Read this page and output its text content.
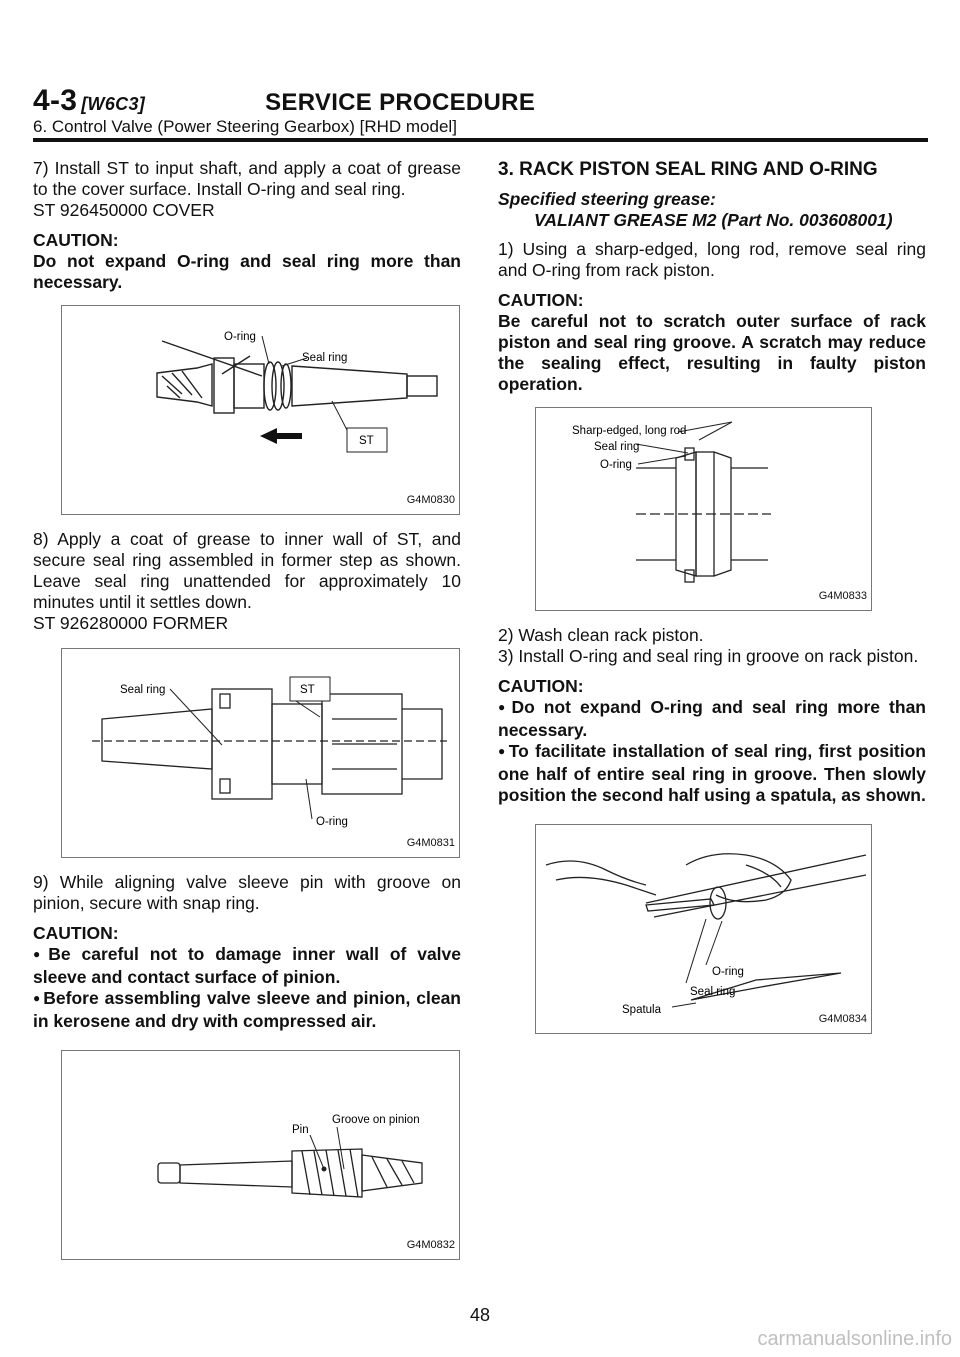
4-3 [W6C3]	SERVICE PROCEDURE
6. Control Valve (Power Steering Gearbox) [RHD model]

7) Install ST to input shaft, and apply a coat of grease to the cover surface. Install O-ring and seal ring.

ST 926450000 COVER

CAUTION:

Do not expand O-ring and seal ring more than necessary.

O-ring
Seal ring
ST
G4M0830

8) Apply a coat of grease to inner wall of ST, and secure seal ring assembled in former step as shown. Leave seal ring unattended for approximately 10 minutes until it settles down.

ST 926280000 FORMER

Seal ring	ST
O-ring
G4M0831

9) While aligning valve sleeve pin with groove on pinion, secure with snap ring.

CAUTION:

● Be careful not to damage inner wall of valve sleeve and contact surface of pinion.

● Before assembling valve sleeve and pinion, clean in kerosene and dry with compressed air.

Pin
Groove on pinion
G4M0832

3. RACK PISTON SEAL RING AND O-RING

Specified steering grease:
VALIANT GREASE M2 (Part No. 003608001)

1) Using a sharp-edged, long rod, remove seal ring and O-ring from rack piston.

CAUTION:

Be careful not to scratch outer surface of rack piston and seal ring groove. A scratch may reduce the sealing effect, resulting in faulty piston operation.

Sharp-edged, long rod
Seal ring
O-ring
G4M0833

2) Wash clean rack piston.

3) Install O-ring and seal ring in groove on rack piston.

CAUTION:

● Do not expand O-ring and seal ring more than necessary.

● To facilitate installation of seal ring, first position one half of entire seal ring in groove. Then slowly position the second half using a spatula, as shown.

O-ring
Seal ring
Spatula
G4M0834
48
carmanualsonline.info
